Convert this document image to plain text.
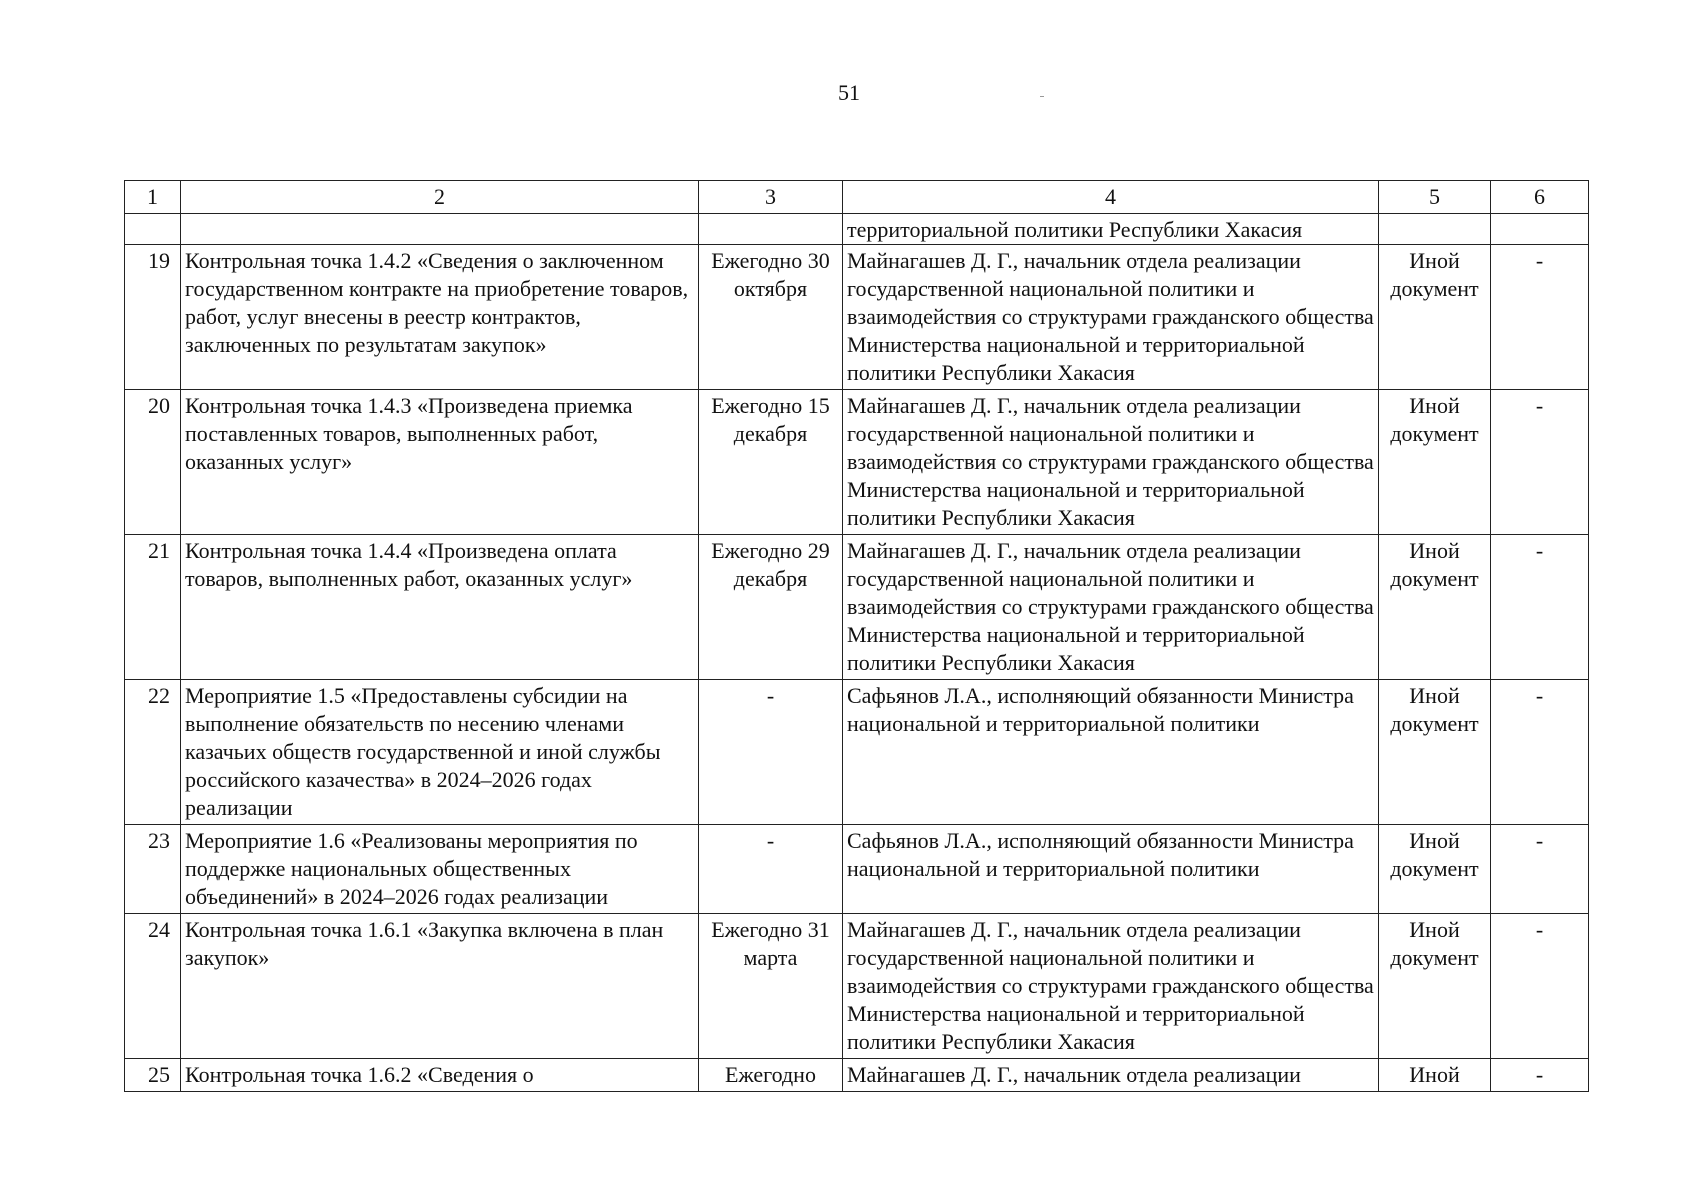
51
1	2	3	4	5	6
			территориальной политики Республики Хакасия		
19	Контрольная точка 1.4.2 «Сведения о заключенном государственном контракте на приобретение товаров, работ, услуг внесены в реестр контрактов, заключенных по результатам закупок»	Ежегодно 30 октября	Майнагашев Д. Г., начальник отдела реализации государственной национальной политики и взаимодействия со структурами гражданского общества Министерства национальной и территориальной политики Республики Хакасия	Иной документ	-
20	Контрольная точка 1.4.3 «Произведена приемка поставленных товаров, выполненных работ, оказанных услуг»	Ежегодно 15 декабря	Майнагашев Д. Г., начальник отдела реализации государственной национальной политики и взаимодействия со структурами гражданского общества Министерства национальной и территориальной политики Республики Хакасия	Иной документ	-
21	Контрольная точка 1.4.4 «Произведена оплата товаров, выполненных работ, оказанных услуг»	Ежегодно 29 декабря	Майнагашев Д. Г., начальник отдела реализации государственной национальной политики и взаимодействия со структурами гражданского общества Министерства национальной и территориальной политики Республики Хакасия	Иной документ	-
22	Мероприятие 1.5 «Предоставлены субсидии на выполнение обязательств по несению членами казачьих обществ государственной и иной службы российского казачества» в 2024–2026 годах реализации	-	Сафьянов Л.А., исполняющий обязанности Министра национальной и территориальной политики	Иной документ	-
23	Мероприятие 1.6 «Реализованы мероприятия по поддержке национальных общественных объединений» в 2024–2026 годах реализации	-	Сафьянов Л.А., исполняющий обязанности Министра национальной и территориальной политики	Иной документ	-
24	Контрольная точка 1.6.1 «Закупка включена в план закупок»	Ежегодно 31 марта	Майнагашев Д. Г., начальник отдела реализации государственной национальной политики и взаимодействия со структурами гражданского общества Министерства национальной и территориальной политики Республики Хакасия	Иной документ	-
25	Контрольная точка 1.6.2 «Сведения о	Ежегодно	Майнагашев Д. Г., начальник отдела реализации	Иной	-
